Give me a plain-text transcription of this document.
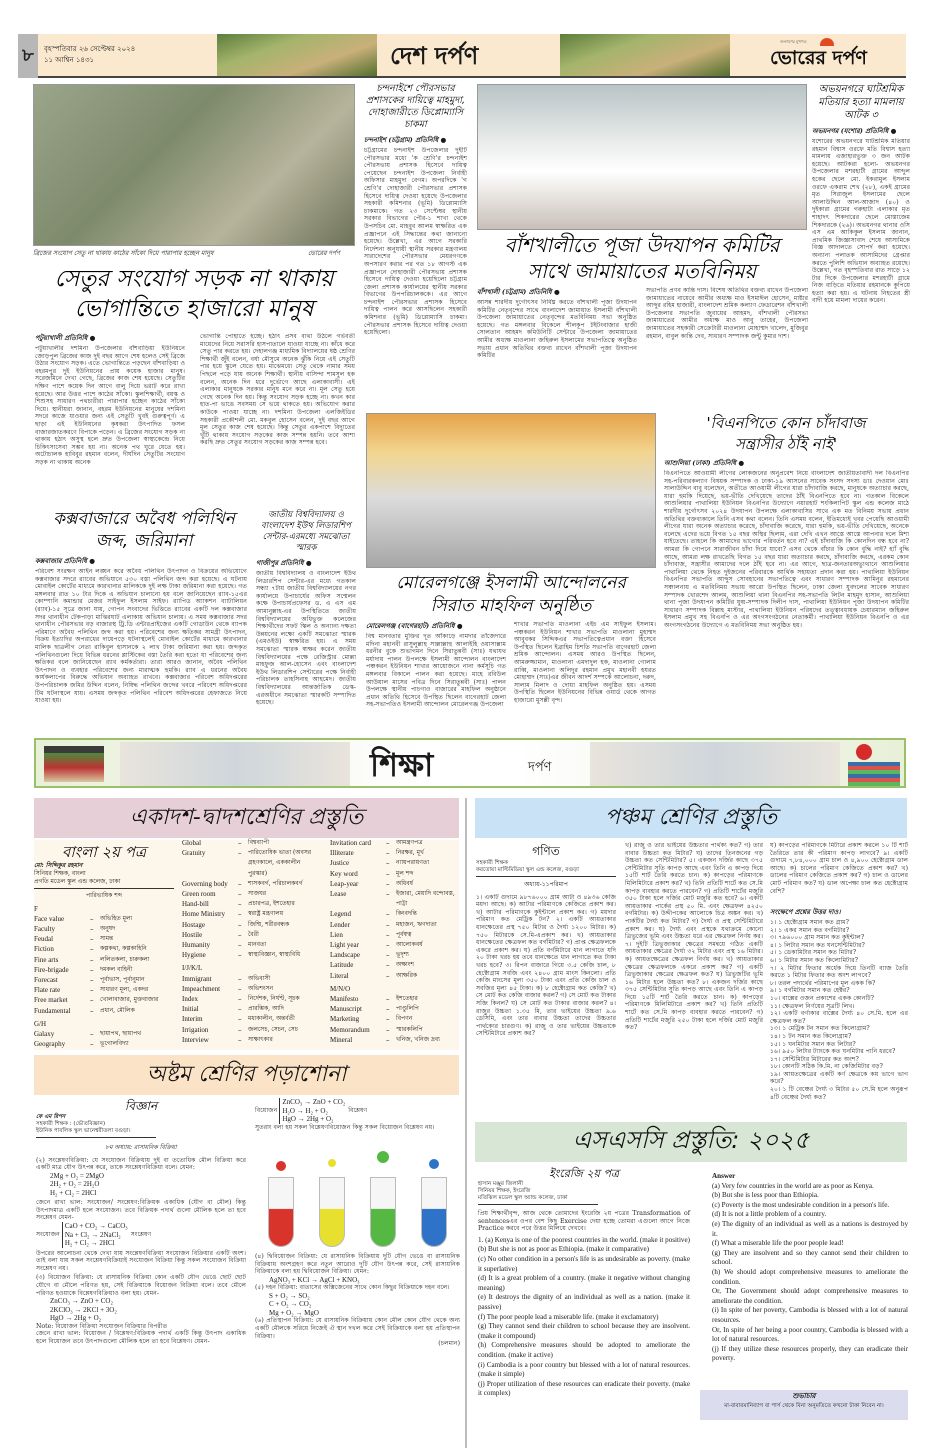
৮	বৃহস্পতিবার ২৬ সেপ্টেম্বর ২০২৪
১১ আশ্বিন ১৪৩১	দেশ দর্পণ
জনগণের মুখপত্র
ভোরের দর্পণ
ব্রিজের সংযোগ সেতু না থাকায় কাঠের সাঁকো দিয়ে পারাপার হচ্ছেন মানুষ	ভোরের দর্পণ
সেতুর সংযোগ সড়ক না থাকায়
ভোগান্তিতে হাজারো মানুষ
পটুয়াখালী প্রতিনিধি ●
পটুয়াখালীর দশমিনা উপজেলার বাঁশবাড়িয়া ইউনিয়নে জোড়পুল ব্রিজের কাজ দুই বছর আগে শেষ হলেও সেই ব্রিজে উঠার সংযোগ সড়ক। এতে ভোগান্তিতে পড়ছেন বাঁশবাড়িয়া ও বহরমপুর দুই ইউনিয়নের প্রায় কয়েক হাজার মানুষ। সরেজমিনে দেখা গেছে, ব্রিজের কাজ শেষ হয়েছে। সেতুটির দক্ষিণ পাশে কয়েক দিন আগে বালু দিয়ে ভরাট করে রাখা হয়েছে। আর উত্তর পাশে কাঠের সাঁকো। স্কুলশিক্ষার্থী, বয়স্ক ও শিশুসহ সাধারণ পথচারীরা পারাপার হচ্ছেন কাঠের সাঁকো দিয়ে। স্থানীয়রা জানান, বহরম ইউনিয়নের মানুষের দশমিনা সদরে কাজে যাওয়ার জন্য এই সেতুটি খুবই গুরুত্বপূর্ণ। এ ছাড়া এই ইউনিয়নের কৃষকরা উৎপাদিত ফসল বাজারজাতকরণে বিপাকে পড়েন। এ ব্রিজের সংযোগ সড়ক না থাকায় হঠাৎ অসুস্থ হলে দ্রুত উপজেলা স্বাস্থ্যকেন্দ্রে নিয়ে চিকিৎসাসেবা সম্ভব হয় না। অনেক পথ ঘুরে যেতে হয়। অটোচালক হাবিবুর রহমান বলেন, দীর্ঘদিন সেতুটির সংযোগ সড়ক না থাকায় অনেক
ভোগান্তি পোহাতে হচ্ছে। হঠাৎ প্রসব ব্যথা উঠলে গর্ভবতী মায়েদের নিয়ে সরাসরি হাসপাতালে যাওয়া যাচ্ছে না। কাঁধে করে সেতু পার করতে হয়। দেহালগঞ্জ মাধ্যমিক বিদ্যালয়ের ষষ্ঠ শ্রেণির শিক্ষার্থী জুঁই বলেন, বর্ষা মৌসুমে অনেক ঝুঁকি নিয়ে এই সেতুটি পার হয়ে স্কুলে যেতে হয়। মাঝেমধ্যে সেতু থেকে নামার সময় পিছলে পড়ে যায় অনেক শিক্ষার্থী। স্থানীয় বাসিন্দা শামসুল হক বলেন, অনেক দিন ধরে দুর্ভোগে আছে এলাকাবাসী। এই এলাকার মানুষকে সরকার মানুষ মনে করে না। মূল সেতু হয়ে গেছে অনেক দিন হয়। কিন্তু সংযোগ সড়ক হচ্ছে না। কখন কার হাত-পা ভাঙে সবসময় সে ভয়ে থাকতে হয়। অভিযোগ করার কাউকে পাওয়া যাচ্ছে না। দশমিনা উপজেলা এলজিইডির সহকারী প্রকৌশলী মো. মকবুল হোসেন বলেন, দুই বছর আগে মূল সেতুর কাজ শেষ হয়েছে। কিন্তু সেতুর একপাশে বিদ্যুতের খুঁটি থাকায় সংযোগ সড়কের কাজ সম্পন্ন হয়নি। তবে আশা করছি দ্রুত সেতুর সংযোগ সড়কের কাজ সম্পন্ন হবে।
চন্দনাইশে পৌরসভার প্রশাসকের দায়িত্বে মাহমুদা, দোহাজারীতে ডিপ্লোম্যাসি চাকমা
চন্দনাইশ (চট্টগ্রাম) প্রতিনিধি ●
চট্টগ্রামের চন্দনাইশ উপজেলার দুইটি পৌরসভার মধ্যে 'ক শ্রেণি'র চন্দনাইশ পৌরসভায় প্রশাসক হিসেবে দায়িত্ব পেয়েছেন চন্দনাইশ উপজেলা নির্বাহী অফিসার মাহমুদা বেগম। অপরদিকে 'গ শ্রেণি'র দোহাজারী পৌরসভার প্রশাসক হিসেবে দায়িত্ব দেওয়া হয়েছে উপজেলার সহকারী কমিশনার (ভূমি) ডিপ্লোম্যাসি চাকমাকে। গত ২৩ সেপ্টেম্বর স্থানীয় সরকার বিভাগের পৌর-১ শাখা থেকে উপসচিব মো. মাহবুব আলম স্বাক্ষরিত এক প্রজ্ঞাপনে এই সিদ্ধান্তের কথা জানানো হয়েছে। উল্লেখ্য, এর আগে সরকারি নির্দেশনা অনুযায়ী স্থানীয় সরকার মন্ত্রণালয় সারাদেশের পৌরসভার মেয়রগণকে অপসারণ করার পর গত ১৮ আগস্ট এক প্রজ্ঞাপনে দোহাজারী পৌরসভায় প্রশাসক হিসেবে দায়িত্ব দেওয়া হয়েছিলো চট্টগ্রাম জেলা প্রশাসক কার্যালয়ের স্থানীয় সরকার বিভাগের উপপরিচালককে। এর আগে চন্দনাইশ পৌরসভার প্রশাসক হিসেবে দায়িত্ব পালন করে আসছিলেন সহকারী কমিশনার (ভূমি) ডিপ্লোম্যাসি চাকমা। পৌরসভার প্রশাসক হিসেবে দায়িত্ব দেওয়া হয়েছিলো।
বাঁশখালীতে পূজা উদযাপন কমিটির
সাথে জামায়াতের মতবিনিময়
বাঁশখালী (চট্টগ্রাম) প্রতিনিধি ●
আসন্ন শারদীয় দুর্গোৎসব নির্বিঘ্ন করতে বাঁশখালী পূজা উদযাপন কমিটির নেতৃবৃন্দের সাথে বাংলাদেশ জামায়াত ইসলামী বাঁশখালী উপজেলা জামায়াতের নেতৃবৃন্দের মতবিনিময় সভা অনুষ্ঠিত হয়েছে। গত মঙ্গলবার বিকেলে শীলকূপ টইটংবাজার হাজী সোলতান আহমদ কমিউনিটি সেন্টারে উপজেলা জামায়াতের আমীর অধ্যক্ষ মাওলানা জহিরুল ইসলামের সভাপতিত্বে অনুষ্ঠিত সভায় প্রধান অতিথির বক্তব্য রাখেন বাঁশখালী পূজা উদযাপন কমিটির
সভাপতি প্রণব কান্তি দাস। বিশেষ অতিথির বক্তব্য রাখেন উপজেলা জামায়াতের নায়েবে আমীর অধ্যক্ষ মাও ইসমাঈল হোসেন, মাষ্টার আব্দুর রহিম হাজারী, বাংলাদেশ শ্রমিক কল্যাণ ফেডারেশন বাঁশখালী উপজেলার সভাপতি জুবায়ের আহমদ, বাঁশখালী পৌরসভা জামায়াতের আমীর অধ্যক্ষ মাও আবু তাহের, উপজেলা জামায়াতের সহকারী সেক্রেটারী মাওলানা মোহাম্মদ খালেদ, মুজিবুর রহমান, বাবুল কান্তি দেব, সাধারণ সম্পাদক জন্টু কুমার দাশ।
অভয়নগরে ঘাটশ্রমিক মতিয়ার হত্যা মামলায় আটক ৩
অভয়নগর (যশোর) প্রতিনিধি ●
যশোরের অভয়নগরে ঘাটশ্রমিক মতিয়ার রহমান বিশ্বাস ওরফে মতি বিশ্বাস হত্যা মামলায় এজাহারভুক্ত ৩ জন আটক হয়েছে। আটকরা হলো- অভয়নগর উপজেলার মশরহাটী গ্রামের আব্দুল হকের ছেলে মো. ইকরামুল ইসলাম ওরফে একরাম শেখ (২৮), একই গ্রামের মৃত সিরাজুল ইসলামের ছেলে আলাউদ্দিন আল-আজাদ (৪০) ও দুইকারা গ্রামের গরুহাটা এলাকার মৃত শাহাদৎ শিকদারের ছেলে মোস্তাজেম শিকদারকে (২৬)। অভয়নগর থানার ওসি এস এম আকিকুল ইসলাম জানান, প্রাথমিক জিজ্ঞাসাবাদ শেষে আসামিকে বিজ্ঞ আদালতে সোপর্দ করা হয়েছে। অন্যান্য পলাতক আসামিদের গ্রেপ্তার করতে পুলিশি অভিযান অব্যাহত রয়েছে। উল্লেখ্য, গত বৃহস্পতিবার রাত সাড়ে ১২ টার দিকে উপজেলার মশরহাটী গ্রামে নিজ বাড়িতে মতিয়ার রহমানকে কুপিয়ে হত্যা করা হয়। এ ঘটনায় নিহতের স্ত্রী বাদী হয়ে মামলা দায়ের করেন।
কক্সবাজারে অবৈধ পলিথিন
জব্দ, জরিমানা
কক্সবাজার প্রতিনিধি ●
পরিবেশ সংরক্ষণ আইন লঙ্ঘন করে অবৈধ পলিথিন উৎপাদন ও বিক্রয়ের অভিযোগে কক্সবাজার সদরে র‍্যাবের অভিযানে ৫৩০ বস্তা পলিথিন জব্দ করা হয়েছে। এ ঘটনায় মোবাইল কোর্টের মাধ্যমে কারখানার মালিককে দুই লক্ষ টাকা জরিমানা করা হয়েছে। গত মঙ্গলবার রাত ১০ টার দিকে এ অভিযান চালানো হয় বলে জানিয়েছেন র‍্যাব-১৫এর কোম্পানি কমান্ডার মেজর সাইফুল ইসলাম সাইফ। র‍্যাপিড অ্যাকশন ব্যাটালিয়ন (র‍্যাব)-১৫ সূত্রে জানা যায়, গোপন সংবাদের ভিত্তিতে র‍্যাবের একটি দল কক্সবাজার সদর থানাধীন টেকপাড়া মাঝিরঘাট এলাকায় অভিযান চালায়। এ সময় কক্সবাজার সদর থানাধীন পৌরসভার বড় বাজারস্থ ট্রি.ডি এন্টারপ্রাইজের একটি গোডাউন থেকে ব্যাপক পরিমাণে অবৈধ পলিথিন জব্দ করা হয়। পরিবেশের জন্য ক্ষতিকর সামগ্রী উৎপাদন, বিক্রয় ইত্যাদির অপরাধের দায়েপড়ে ঘটনাস্থলেই মোবাইল কোর্টের মাধ্যমে কারখানার মালিক ছাত্রলীগ নেতা রাকিবুল হাসানকে ২ লাখ টাকা জরিমানা করা হয়। জব্দকৃত পলিথিনগুলো দিয়ে বিভিন্ন ধরনের প্লাস্টিকের বস্তা তৈরি করা হতো যা পরিবেশের জন্য ক্ষতিকর বলে জানিয়েছেন র‍্যাব কর্মকর্তারা। তারা আরও জানান, অবৈধ পলিথিন উৎপাদন ও ব্যবহার পরিবেশের জন্য মারাত্মক হুমকি। র‍্যাব এ ধরনের অবৈধ কার্যকলাপের বিরুদ্ধে অভিযান অব্যাহত রাখবে। কক্সবাজার পরিবেশ অধিদপ্তরের উপপরিচালক জমির উদ্দিন বলেন, নিষিদ্ধ পলিথিন জব্দের খবরে পরিবেশ অধিদপ্তরের টিম ঘটনাস্থলে যায়। এসময় জব্দকৃত পলিথিন পরিবেশ অধিদপ্তরের হেফাজতে নিয়ে যাওয়া হয়।
জাতীয় বিশ্ববিদ্যালয় ও বাংলাদেশ ইউথ লিডারশিপ সেন্টার-এরমধ্যে সমঝোতা স্মারক
গাজীপুর প্রতিনিধি ●
জাতীয় বিশ্ববিদ্যালয় ও বাংলাদেশ ইউথ লিডারশিপ সেন্টার-এর মধ্যে গতকাল সন্ধ্যা ৭টায় জাতীয় বিশ্ববিদ্যালয়ের নগর কার্যালয়ে উপাচার্যের অফিস সম্মেলন কক্ষে উপাচার্যপ্রফেসর ড. এ এস এম আমানুল্লাহ-এর উপস্থিতিতে জাতীয় বিশ্ববিদ্যালয়ের অধিভুক্ত কলেজের শিক্ষার্থীদের সফট স্কিল ও অন্যান্য দক্ষতা উন্নয়নের লক্ষ্যে একটি সমঝোতা স্মারক (এমওইউ) স্বাক্ষরিত হয়। এ সময় সমঝোতা স্মারক স্বাক্ষর করেন জাতীয় বিশ্ববিদ্যালয়ের পক্ষে রেজিস্ট্রার মোল্লা মাহফুজ আল-হোসেন এবং বাংলাদেশ ইউথ লিডারশিপ সেন্টারের পক্ষে নির্বাহী পরিচালক তাহসিনাহ আহমেদ। জাতীয় বিশ্ববিদ্যালয়ের আন্তর্জাতিক ডেস্ক-এরঅধীনে সমঝোতা স্মারকটি সম্পাদিত হয়েছে।
মোরেলগঞ্জে ইসলামী আন্দোলনের
সিরাত মাহফিল অনুষ্ঠিত
মোরেলগঞ্জ (বাগেরহাট) প্রতিনিধি ●
বিশ্ব মানবতার মুক্তির দূত আঁকাড়ে নামদার তাঁজেদারে মদিনা মহানবী রাসুলুল্লাহ সাল্লাল্লাহু আলাইহি ওয়াসাল্লাম ধরনীর বুকে শুভাগমন দিনে সিরাতুন্নবী (সাঃ) যথাযথ মর্যাদায় পালন উপলক্ষে ইসলামী আন্দোলন বাংলাদেশ পঞ্চকরন ইউনিয়ন শাখার আয়োজনে নানা কর্মসূচি গত মঙ্গলবার বিকালে পালন করা হয়েছে। মাহে রবিউল আউয়াল মাসের পবিত্র দিনে সিরাতুন্নবী (সাঃ) পালন উপলক্ষে স্থানীয় পাচগাও বাজারের মাহফিল অনুষ্ঠানে প্রধান অতিথি হিসেবে উপস্থিত ছিলেন বাগেরহাট জেলা সহ-সভাপতিও ইসলামী আন্দোলন মোরেলগঞ্জ উপজেলা
শাখার সভাপতি মাওলানা এইচ এম সাইফুল ইসলাম। পঞ্চকরন ইউনিয়ন শাখার সভাপতি মাওলানা মুহাম্মদ আবুবকর সিদ্দিকএর সভাপতিত্বেপ্রধান বক্তা হিসেবে উপস্থিত ছিলেন ইব্রাহিম চিশতি সভাপতি বাগেরহাট জেলা শ্রমিক আন্দোলন। এসময় আরও উপস্থিত ছিলেন, আমরুজ্জামান, মাওলানা এমদাদুল হক, মাওলানা গোলাম রাব্বি, মাওলানা অলিদুর রহমান প্রমুখ মহানবী হযরত মোহাম্মদ (সাঃ)এর জীবন আদর্শ সম্পর্কে আলোচনা, দরুদ, সালাম মিলাদ ও দোয়া মাহফিল অনুষ্ঠিত হয়। এসময় উপস্থিতি ছিলেন ইউনিয়নের বিভিন্ন ওয়ার্ড থেকে আগত হাজারো মুসল্লী বৃন্দ।
'বিএনপিতে কোন চাঁদাবাজ
সন্ত্রাসীর ঠাঁই নাই'
আশুলিয়া (ঢাকা) প্রতিনিধি ●
বিএনপিতে আওয়ামী লীগের লোকজনের অনুপ্রবেশ নিয়ে বাংলাদেশ জাতীয়তাবাদী দল বিএনপির সহ-পরিবারকল্যাণ বিষয়ক সম্পাদক ও ঢাকা-১৯ আসনের সাবেক সংসদ সদস্য ডাঃ দেওয়ান মোঃ সালাউদ্দিন বাবু বলেছেন, অতীতে আওয়ামী লীগের যারা চাঁদাবাজি করছে, মানুষকে অত্যাচার করছে, যারা হুমকি দিয়েছে, ভয়-ভীতি দেখিয়েছে তাদের ঠাঁই বিএনপিতে হবে না। গতকাল বিকেলে আশুলিয়ার পাথালিয়া ইউনিয়ন বিএনপির উদ্যোগে নয়ারহাট শংকিলাপিট স্কুল এন্ড কলেজ মাঠে শারদীয় দুর্গোৎসব ২০২৪ উদযাপন উপলক্ষে এলাকাবাসির সাথে এক মত বিনিময় সভায় প্রধান অতিথির বক্তব্যকালে তিনি এসব কথা বলেন। তিনি এসময় বলেন, ইতিমধ্যেই খবর পেয়েছি আওয়ামী লীগের যারা অনেক অত্যাচার করেছে, চাঁদাবাজি করেছে, যারা হুমকি, ভয়-ভীতি দেখিয়েছে, অনেকে বলেছে এদের ভয়ে বিগত ১৫ বছর অস্থির ছিলাম, এরা দেখি এখন আস্তে আস্তে আপনার দলে মিশা যাইতেছে। তাহলে কি আমাদের ভাগ্যের পরিবর্তন হবে না? এই চাঁদাবাজি কি কোনদিন বন্ধ হবে না? আমরা কি গোপনে সারাজীবন চাঁদা দিয়ে যাবো? এসব থেকে বাঁচার কি কোন বুদ্ধি নাই? হ্যাঁ বুদ্ধি আছে, আমরা লক্ষ রাখতেছি বিগত ১৫ বছর যারা অত্যাচার করছে, চাঁদাবাজি করছে, এরকম কোন চাঁদাবাজ, সন্ত্রাসীর আমাদের দলে ঠাঁই হবে না। এর আগে, ছাত্র-জনতারঅভ্যুত্থানে আশুলিয়ার পাথালিয়া থেকে নিহত দুইজনের পরিবারকে আর্থিক সহায়তা প্রদান করা হয়। পাথালিয়া ইউনিয়ন বিএনপির সভাপতি আব্দুস সোবহানের সভাপতিত্বে এবং সাধারণ সম্পাদক আমিনুর রহমানের সঞ্চালনায় এ মতবিনিময় সভায় আরো উপস্থিত ছিলেন, ঢাকা জেলা যুবদলের সাবেক সাধারণ সম্পাদক খোরশেদ আলম, আশুলিয়া থানা বিএনপির সহ-সভাপতি লিটন মাহমুদ হাসান, আশুলিয়া থানা পূজা উদযাপন কমিটির যুগ্ম-সম্পাদক দিলীপ দাস, পাথালিয়া ইউনিয়ন পূজা উদযাপন কমিটির সাধারণ সম্পাদক বিল্লাহ মাস্টার, পাথালিয়া ইউনিয়ন পরিষদের তত্ত্বাবধায়ক চেয়ারম্যান জহিরুল ইসলাম প্রমুখ সহ বিএনপি ও এর অংগসংগঠনের নেতাকর্মী। পাথালিয়া ইউনিয়ন বিএনপি ও এর অংগসংগঠনের উদ্যোগে এ মতবিনিময় সভা অনুষ্ঠিত হয়।
শিক্ষা	দর্পণ
একাদশ-দ্বাদশশ্রেণির প্রস্তুতি
বাংলা ২য় পত্র
মো: সিদ্দিকুর রহমান
সিনিয়র শিক্ষক, বাংলা
প্রগতি মডেল স্কুল এন্ড কলেজ, ঢাকা
পারিভাষিক শব্দ
F
Face value	–	অভিহিত মূল্য
Faculty	–	অনুষদ
Feudal	–	সামন্ত
Fiction	–	কল্পকথা, কল্পকাহিনি
Fine arts	–	ললিতকলা, চারুকলা
Fire-brigade	–	দমকল বাহিনী
Forecast	–	পূর্বাভাস, পূর্বানুমান
Flate rate	–	সাধারণ মূল্য, একদর
Free market	–	খোলাবাজার, মুক্তবাজার
Fundamental	–	প্রধান, মৌলিক
G/H
Galaxy	–	ছায়াপথ, ছায়াপথ
Geography	–	ভূগোলবিদ্যা
Global	–	বিশ্বব্যাপী
Gratuity	–	পারিতোষিক ভাতা (অবসর গ্রহণকালে, এককালীন পুরস্কার)
Governing body	–	শাসকবর্গ, পরিচালকবর্গ
Green room	–	সাজঘর
Hand-bill	–	প্রচারপত্র, ইশতেহার
Home Ministry	–	স্বরাষ্ট্র মন্ত্রণালয়
Hostage	–	জিম্মি, শরীরবন্ধক
Hostile	–	বৈরী
Humanity	–	মানবতা
Hygiene	–	স্বাস্থ্যবিজ্ঞান, স্বাস্থ্যবিধি
I/J/K/L
Immigrant	–	অভিবাসী
Impeachment	–	অভিশংসন
Index	–	নির্দেশক, নির্ঘণ্ট, সূচক
Initial	–	প্রারম্ভিক, আদি
Interim	–	মধ্যকালীন, অন্তর্বর্তী
Irrigation	–	জলসেচ, সেচন, সেচ
Interview	–	সাক্ষাৎকার
Invitation card	–	আমন্ত্রণপত্র
Illiterate	–	নিরক্ষর, মূর্খ
Justice	–	ন্যায়পরায়ণতা
Key word	–	মূল শব্দ
Leap-year	–	অধিবর্ষ
Lease	–	ইজারা, মেয়াদি বন্দোবস্ত, পাট্টা
Legend	–	কিংবদন্তি
Lender	–	মহাজন, ঋণদাতা
Lien	–	পূর্বস্বত্ব
Light year	–	আলোকবর্ষ
Landscape	–	ভূদৃশ্য
Latitude	–	অক্ষাংশ
Literal	–	আক্ষরিক
M/N/O
Manifesto	–	ইশতেহার
Manuscript	–	পাণ্ডুলিপি
Marketing	–	বিপণন
Memorandum	–	স্মারকলিপি
Mineral	–	খনিজ, খনিজ দ্রব্য
পঞ্চম শ্রেণির প্রস্তুতি
গণিত
সহকারী শিক্ষক
করতোয়া মাল্টিমিডিয়া স্কুল এন্ড কলেজ, বগুড়া
অধ্যায়-১১পরিমাপ
১। একটি গুদামে ৯৮৭৬০০০ গ্রাম আটা ও ৪৯৩৬ কেজি ময়দা আছে। ক) আটার পরিমাণকে কেজিতে প্রকাশ কর। খ) আটার পরিমাণকে কুইন্টালে প্রকাশ কর। গ) ময়দার পরিমাণ কত মেট্রিক টন? ২। একটি আয়তাকার ধানক্ষেতের প্রস্থ ৭৫০ মিটার ও দৈর্ঘ্য ১২০০ মিটার। ক) ৭৫০ মিটারকে সে.মি-এপ্রকাশ কর। খ) আয়তাকার ধানক্ষেতের ক্ষেত্রফল কত বর্গমিটার? গ) প্রাপ্ত ক্ষেত্রফলকে একরে প্রকাশ কর। ঘ) প্রতি বর্গমিটারে ধান লাগাতে যদি ২০ টাকা খরচ হয় তবে ধানক্ষেতে ধান লাগাতে কত টাকা খরচ হবে? ৩। রিপন বাজারে গিয়ে ৩.৫ কেজি চাল, ৮ হেক্টোগ্রাম সবজি এবং ২৪০০ গ্রাম মাংস কিনলো। প্রতি কেজি মাংসের মূল্য ৩৫০ টাকা এবং প্রতি কেজি চাল ও সবজির মূল্য ৪৫ টাকা। ক) ৮ হেক্টোগ্রাম কত কেজি? খ) সে মোট কত কেজি বাজার করল? গ) সে মোট কত টাকার সব্জি কিনল? ঘ) সে মোট কত টাকার বাজার করল? ৪। রাজুর উচ্চতা ১.৩৫ মি, তার ভাইয়ের উচ্চতা ৯.৬ ডেসিমি, এবং তার বাবার উচ্চতা তাদের উচ্চতার পার্থক্যের চারগুণ। ক) রাজু ও তার ভাইয়ের উচ্চতাকে সেন্টিমিটারে প্রকাশ কর?
খ) রাজু ও তার ভাইয়ের উচ্চতার পার্থক্য কত? গ) তার বাবার উচ্চতা কত মিটার? ঘ) তাদের তিনজনের গড় উচ্চতা কত সেন্টিমিটার? ৫। একজন দর্জির কাছে ৩৭৫ সেন্টিমিটার সুতি কাপড় আছে এবং তিনি এ কাপড় দিয়ে ১৫টি শার্ট তৈরি করতে চান। ক) কাপড়ের পরিমাণকে মিলিমিটারে প্রকাশ কর? খ) তিনি প্রতিটি শার্টে কত সে.মি কাপড় ব্যবহার করতে পারবেন? গ) প্রতিটি শার্টের মজুরি ৩৫০ টাকা হলে দর্জির মোট মজুরি কত হবে? ৬। একটি আয়তাকার পার্কের প্রস্থ ৫০ মি. এবং ক্ষেত্রফল ৪২৫০ বর্গমিটার। ক) উদ্দীপকের আলোকে চিত্র অঙ্কন কর। খ) পার্কটির দৈর্ঘ্য কত মিটার? গ) দৈর্ঘ্য ও প্রস্থ সেন্টিমিটারে প্রকাশ কর। ঘ) দৈর্ঘ্য এবং প্রস্থকে যথাক্রমে কোনো ত্রিভুজের ভূমি এবং উচ্চতা ধরে এর ক্ষেত্রফল নির্ণয় কর। ৭। দুইটি ত্রিভুজাকার ক্ষেত্রের সমন্বয়ে গঠিত একটি আয়তাকার ক্ষেত্রের দৈর্ঘ্য ৩২ মিটার এবং প্রস্থ ১৬ মিটার। ক) আয়তক্ষেত্রের ক্ষেত্রফল নির্ণয় কর। খ) আয়তাকার ক্ষেত্রের ক্ষেত্রফলকে একরে প্রকাশ কর? গ) একটি ত্রিভুজাকার ক্ষেত্রের ক্ষেত্রফল কত? ঘ) ত্রিভুজটির ভূমি ১৬ মিটার হলে উচ্চতা কত? ৮। একজন দর্জির কাছে ৩৭৫ সেন্টিমিটার সুতি কাপড় আছে এবং তিনি এ কাপড় দিয়ে ১৫টি শার্ট তৈরি করতে চান। ক) কাপড়ের পরিমাণকে মিলিমিটারে প্রকাশ কর? খ) তিনি প্রতিটি শার্টে কত সে.মি কাপড় ব্যবহার করতে পারবেন? গ) প্রতিটি শার্টের মজুরি ২৫০ টাকা হলে দর্জির মোট মজুরি কত?
ঘ) কাপড়ের পরিমাণকে মিটারে প্রকাশ করলে ১০ টি শার্ট তৈরিতে তার কী পরিমাণ কাপড় লাগবে? ৯। একটি গুদামে ৭,৮৪,০০০ গ্রাম চাল ও ৪,৯০০ হেক্টোগ্রাম ডাল আছে। ক) চালের পরিমাণ কেজিতে প্রকাশ কর? খ) ডালের পরিমাণ কেজিতে প্রকাশ কর? গ) চাল ও ডালের মোট পরিমাণ কত? ঘ) ডাল অপেক্ষা চাল কত হেক্টোগ্রাম বেশি?
সংক্ষেপে প্রশ্নের উত্তর দাও।
১। ১ হেক্টোগ্রাম সমান কত গ্রাম?
২। ১ একর সমান কত বর্গমিটার?
৩। ৭৯৬০০০ গ্রাম সমান কত কুইন্টাল?
৪। ১ লিটার সমান কত ঘনসেন্টিমিটার?
৫। ১ ডেকামিটার সমান কত মিটার?
৬। ১ মিটার সমান কত কিলোমিটার?
৭। ২ মিটার ফিতার অর্ধেক দিয়ে তিনটি ব্যাজ তৈরি করতে ১ মিটার ফিতার কত অংশ লাগবে?
৮। তরল পদার্থের পরিমাপের মূল একক কি?
৯। ১ বর্গমিটার সমান কত হেক্টর?
১০। বাক্সের ওজন প্রকাশের একক কোনটি?
১১। ক্ষেত্রফল নির্ণয়ের সূত্রটি লিখ।
১২। একটি বর্গাকার বাক্সের দৈর্ঘ্য ৪০ সে.মি. হলে এর ক্ষেত্রফল কত?
১৩। ১ মেট্রিক টন সমান কত কিলোগ্রাম?
১৪। ১ টন সমান কত কিলোগ্রাম?
১৫। ১ ঘনমিটার সমান কত লিটার?
১৬। ৯৫০ লিটার ট্যাংকে কত ঘনমিটার পানি ধরবে?
১৭। সেন্টিমিটার মিটারের কত অংশ?
১৮। কোনটি সঠিক কি.মি. না কেজিমিটার বড়?
১৯। আয়তক্ষেত্রের একটি কর্ণ ক্ষেত্রকে কয় ভাগে ভাগ করে?
২০। ১ টি বেঞ্চের দৈর্ঘ্য ৩ মিটার ৫০ সে.মি হলে অনুরূপ ৪টি বেঞ্চের দৈর্ঘ্য কত?
অষ্টম শ্রেণির পড়াশোনা
বিজ্ঞান
কে এম রিপন
সহকারী শিক্ষক : (ভৌতবিজ্ঞান)
ইউনিক পাবলিক স্কুল ভানেশ্বরীতলা বগুড়া।
৮ম অধ্যায়: রাসায়নিক বিক্রিয়া
(২) সংশ্লেষণবিক্রিয়া: যে সংযোজন বিক্রিয়ায় দুই বা ততোধিক মৌল বিক্রিয়া করে একটি মাত্র যৌগ উৎপন্ন করে, তাকে সংশ্লেষণবিক্রিয়া বলে। যেমন:
2Mg + O₂ = 2MgO
2H₂ + O₂ = 2H₂O
H₂ + Cl₂ = 2HCl
জেনে রাখা ভাল: সংযোজন/ সংশ্লেষণ:বিক্রিয়ক একাধিক (যৌগ বা মৌল) কিন্তু উৎপাদমাত্র একটি হলে সংযোজন। তবে বিক্রিয়ক পদার্থ গুলো মৌলিক হলে তা হবে সংশ্লেষণ যেমন-
সংযোজন
CaO + CO₂ → CaCO₃
Na + Cl₂ → 2NaCl₂
H₂ + Cl₂ → 2HCl
সংশ্লেষণ
উপরের আলোচনা থেকে দেখা যায় সংশ্লেষণবিক্রিয়া সংযোজন বিক্রিয়ার একটি অংশ। তাই বলা যায় সকল সংশ্লেষণবিক্রিয়াই সংযোজন বিক্রিয়া কিন্তু সকল সংযোজন বিক্রিয়া সংশ্লেষণ নয়।
(৩) বিয়োজন বিক্রিয়া: যে রাসায়নিক বিক্রিয়া কোন একটি যৌগ ভেঙে ছোট ছোট যৌগে বা মৌলে পরিণত হয়, সেই বিক্রিয়াকে বিয়োজন বিক্রিয়া বলে। তবে মৌলে পরিণত হওয়াকে বিশ্লেষণবিক্রিয়াও বলা হয়। যেমন-
ZnCO₃ → ZnO + CO₂
2KClO₃ → 2KCl + 3O₂
HgO → 2Hg + O₂
Note: বিয়োজন বিক্রিয়া সংযোজন বিক্রিয়ার বিপরীত
জেনে রাখা ভাল: বিয়োজন / বিশ্লেষণ:বিক্রিয়ক পদার্থ একটি কিন্তু উৎপাদ একাধিক হলে বিয়োজন তবে উৎপাদগুলো মৌলিক হলে তা হবে বিশ্লেষণ। যেমন-
বিয়োজন
ZnCO₃ → ZnO + CO₂
H₂O → H₂ + O₂
HgO → 2Hg + O₂
বিশ্লেষণ
সুতরাং বলা হয় সকল বিশ্লেষণবিয়োজন কিন্তু সকল বিয়োজন বিশ্লেষণ নয়।
(৪) দ্বিবিয়োজন বিক্রিয়া: যে রাসায়নিক বিক্রিয়ায় দুটি যৌগ ভেঙে বা রাসায়নিক বিক্রিয়ায় অংশগ্রহণ করে নতুন আরোও দুটি যৌগ উৎপন্ন করে, সেই রাসায়নিক বিক্রিয়াকে বলা হয় দ্বিবিয়োজন বিক্রিয়া। যেমন:
AgNO₃ + KCl → AgCl + KNO₃
(৫) দহন বিক্রিয়া: বাতাসের অক্সিজেনের সাথে কোন কিছুর বিক্রিয়াকে দহন বলে।
S + O₂ → SO₂
C + O₂ → CO₂
Mg + O₂ → MgO
(৬) প্রতিস্থাপন বিক্রিয়া: যে রাসায়নিক বিক্রিয়ায় কোন মৌল কোন যৌগ থেকে অন্য একটি মৌলকে সরিয়ে নিজেই ঐ স্থান দখল করে সেই বিক্রিয়াকে বলা হয় প্রতিস্থাপন বিক্রিয়া।
(চলমান)
এসএসসি প্রস্তুতি: ২০২৫
ইংরেজি ২য় পত্র
হাসান মঞ্জুর জিলানী
সিনিয়র শিক্ষক, ইংরেজি
মতিঝিল মডেল স্কুল অ্যান্ড কলেজ, ঢাকা
প্রিয় শিক্ষার্থীবৃন্দ, আজ থেকে তোমাদের ইংরেজি ২য় পত্রের Transformation of sentencesএর ওপর বেশ কিছু Exercise দেয়া হচ্ছে তোমরা এগুলো আগে নিজে Practice করবে পরে উত্তর মিলিয়ে দেখবে।
1. (a) Kenya is one of the poorest countries in the world. (make it positive)
(b) But she is not as poor as Ethiopia. (make it comparative)
(c) No other condition in a person's life is as undesirable as poverty. (make it superlative)
(d) It is a great problem of a country. (make it negative without changing meaning)
(e) It destroys the dignity of an individual as well as a nation. (make it passive)
(f) The poor people lead a miserable life. (make it exclamatory)
(g) They cannot send their children to school because they are insolvent. (make it compound)
(h) Comprehensive measures should be adopted to ameliorate the condition. (make it active)
(i) Cambodia is a poor country but blessed with a lot of natural resources. (make it simple)
(j) Proper utilization of these resources can eradicate their poverty. (make it complex)
Answer
(a) Very few countries in the world are as poor as Kenya.
(b) But she is less poor than Ethiopia.
(c) Poverty is the most undesirable condition in a person's life.
(d) It is not a little problem of a country.
(e) The dignity of an individual as well as a nations is destroyed by it.
(f) What a miserable life the poor people lead!
(g) They are insolvent and so they cannot send their children to school.
(h) We should adopt comprehensive measures to ameliorate the condition.
Or, The Government should adopt comprehensive measures to ameliorate the condition.
(i) In spite of her poverty, Cambodia is blessed with a lot of natural resources.
Or, In spite of her being a poor country, Cambodia is blessed with a lot of natural resources.
(j) If they utilize these resources properly, they can eradicate their poverty.
শুভাচার
মা-বাবারমানিব্যাগ বা পার্স থেকে বিনা অনুমতিতে কখনো টাকা নিবেন না।
